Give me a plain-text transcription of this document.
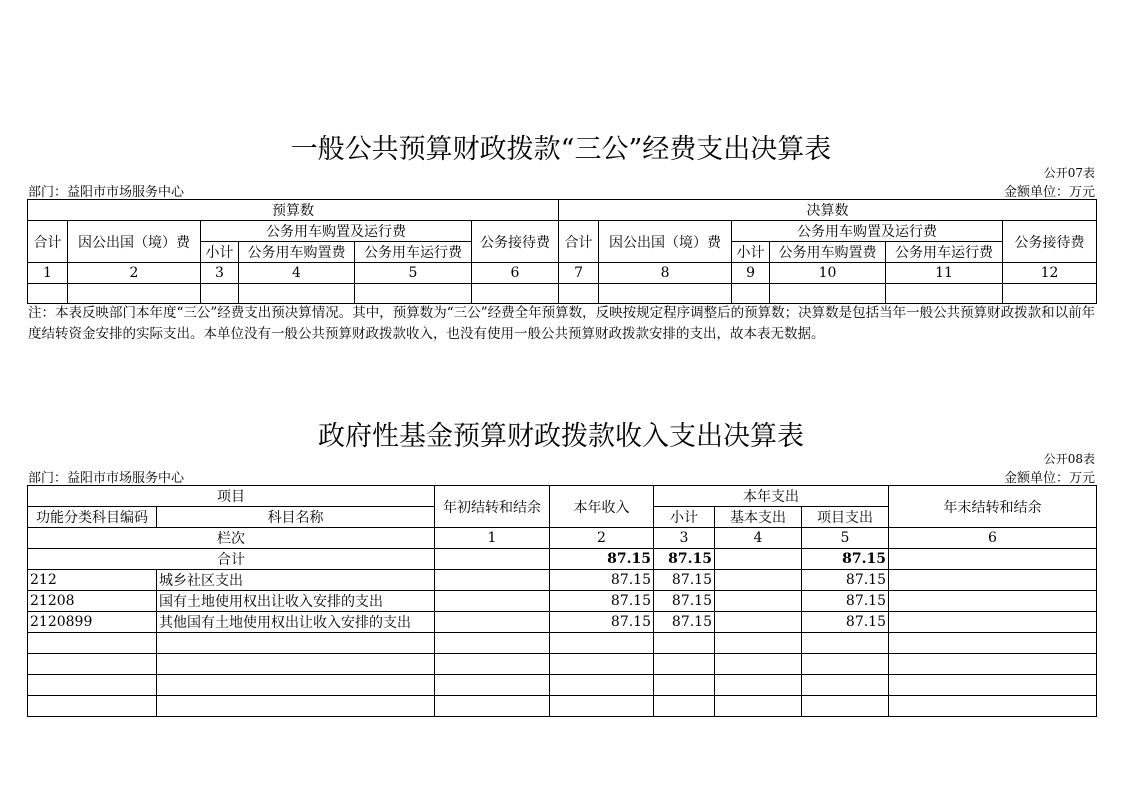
一般公共预算财政拨款“三公”经费支出决算表
公开07表
部门：益阳市市场服务中心	金额单位：万元
预算数						决算数					
合计	因公出国（境）费	公务用车购置及运行费			公务接待费	合计	因公出国（境）费	公务用车购置及运行费			公务接待费
		小计	公务用车购置费	公务用车运行费				小计	公务用车购置费	公务用车运行费	
1	2	3	4	5	6	7	8	9	10	11	12

注：本表反映部门本年度“三公”经费支出预决算情况。其中，预算数为“三公”经费全年预算数，反映按规定程序调整后的预算数；决算数是包括当年一般公共预算财政拨款和以前年度结转资金安排的实际支出。本单位没有一般公共预算财政拨款收入，也没有使用一般公共预算财政拨款安排的支出，故本表无数据。
政府性基金预算财政拨款收入支出决算表
公开08表
部门：益阳市市场服务中心	金额单位：万元
项目		年初结转和结余	本年收入	本年支出			年末结转和结余
功能分类科目编码	科目名称			小计	基本支出	项目支出	
栏次		1	2	3	4	5	6
合计			87.15	87.15		87.15	
212	城乡社区支出		87.15	87.15		87.15	
21208	国有土地使用权出让收入安排的支出		87.15	87.15		87.15	
2120899	其他国有土地使用权出让收入安排的支出		87.15	87.15		87.15	
